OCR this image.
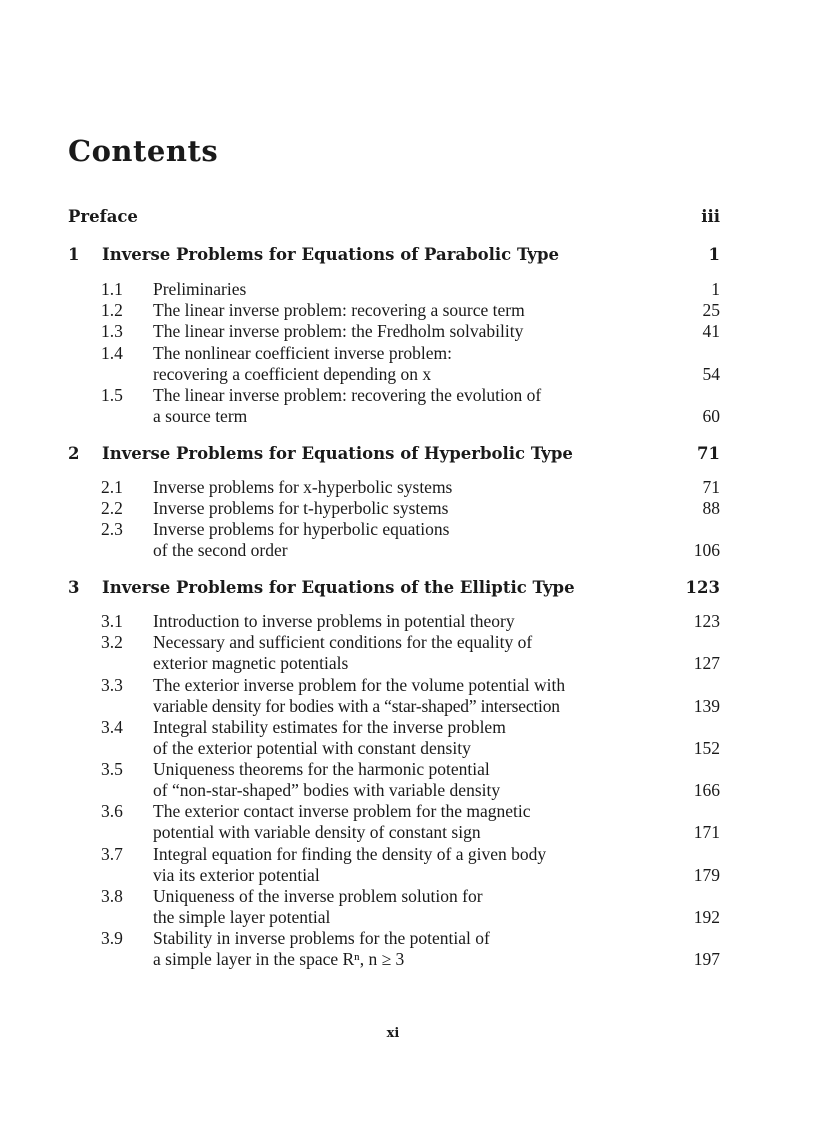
Contents
Preface	iii
1 Inverse Problems for Equations of Parabolic Type	1
1.1 Preliminaries	1
1.2 The linear inverse problem: recovering a source term	25
1.3 The linear inverse problem: the Fredholm solvability	41
1.4 The nonlinear coefficient inverse problem:
recovering a coefficient depending on x	54
1.5 The linear inverse problem: recovering the evolution of
a source term	60
2 Inverse Problems for Equations of Hyperbolic Type	71
2.1 Inverse problems for x-hyperbolic systems	71
2.2 Inverse problems for t-hyperbolic systems	88
2.3 Inverse problems for hyperbolic equations
of the second order	106
3 Inverse Problems for Equations of the Elliptic Type	123
3.1 Introduction to inverse problems in potential theory	123
3.2 Necessary and sufficient conditions for the equality of
exterior magnetic potentials	127
3.3 The exterior inverse problem for the volume potential with
variable density for bodies with a “star-shaped” intersection	139
3.4 Integral stability estimates for the inverse problem
of the exterior potential with constant density	152
3.5 Uniqueness theorems for the harmonic potential
of “non-star-shaped” bodies with variable density	166
3.6 The exterior contact inverse problem for the magnetic
potential with variable density of constant sign	171
3.7 Integral equation for finding the density of a given body
via its exterior potential	179
3.8 Uniqueness of the inverse problem solution for
the simple layer potential	192
3.9 Stability in inverse problems for the potential of
a simple layer in the space Rⁿ, n ≥ 3	197
xi
